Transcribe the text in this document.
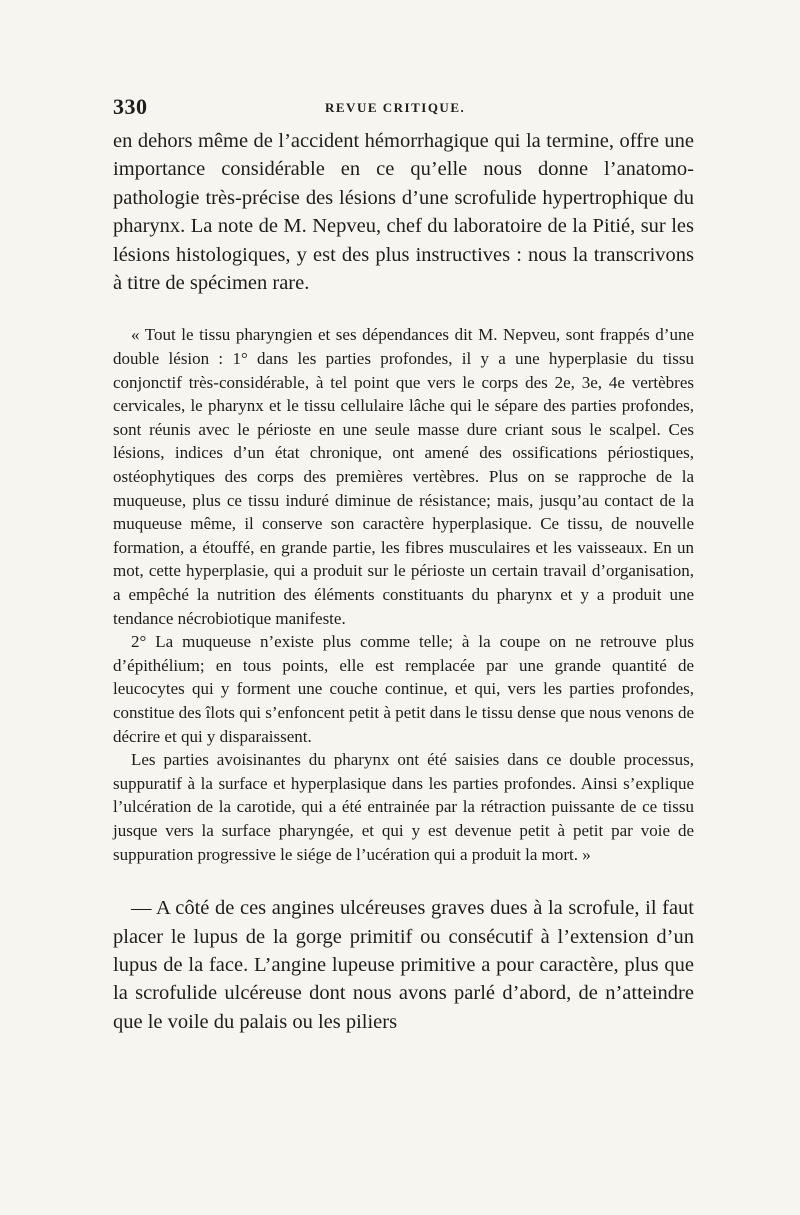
330	REVUE CRITIQUE.

en dehors même de l’accident hémorrhagique qui la termine, offre une importance considérable en ce qu’elle nous donne l’anatomo-pathologie très-précise des lésions d’une scrofulide hypertrophique du pharynx. La note de M. Nepveu, chef du laboratoire de la Pitié, sur les lésions histologiques, y est des plus instructives : nous la transcrivons à titre de spécimen rare.

« Tout le tissu pharyngien et ses dépendances dit M. Nepveu, sont frappés d’une double lésion : 1° dans les parties profondes, il y a une hyperplasie du tissu conjonctif très-considérable, à tel point que vers le corps des 2e, 3e, 4e vertèbres cervicales, le pharynx et le tissu cellulaire lâche qui le sépare des parties profondes, sont réunis avec le périoste en une seule masse dure criant sous le scalpel. Ces lésions, indices d’un état chronique, ont amené des ossifications périostiques, ostéophytiques des corps des premières vertèbres. Plus on se rapproche de la muqueuse, plus ce tissu induré diminue de résistance; mais, jusqu’au contact de la muqueuse même, il conserve son caractère hyperplasique. Ce tissu, de nouvelle formation, a étouffé, en grande partie, les fibres musculaires et les vaisseaux. En un mot, cette hyperplasie, qui a produit sur le périoste un certain travail d’organisation, a empêché la nutrition des éléments constituants du pharynx et y a produit une tendance nécrobiotique manifeste.

2° La muqueuse n’existe plus comme telle; à la coupe on ne retrouve plus d’épithélium; en tous points, elle est remplacée par une grande quantité de leucocytes qui y forment une couche continue, et qui, vers les parties profondes, constitue des îlots qui s’enfoncent petit à petit dans le tissu dense que nous venons de décrire et qui y disparaissent.

Les parties avoisinantes du pharynx ont été saisies dans ce double processus, suppuratif à la surface et hyperplasique dans les parties profondes. Ainsi s’explique l’ulcération de la carotide, qui a été entrainée par la rétraction puissante de ce tissu jusque vers la surface pharyngée, et qui y est devenue petit à petit par voie de suppuration progressive le siége de l’ucération qui a produit la mort. »

— A côté de ces angines ulcéreuses graves dues à la scrofule, il faut placer le lupus de la gorge primitif ou consécutif à l’extension d’un lupus de la face. L’angine lupeuse primitive a pour caractère, plus que la scrofulide ulcéreuse dont nous avons parlé d’abord, de n’atteindre que le voile du palais ou les piliers
